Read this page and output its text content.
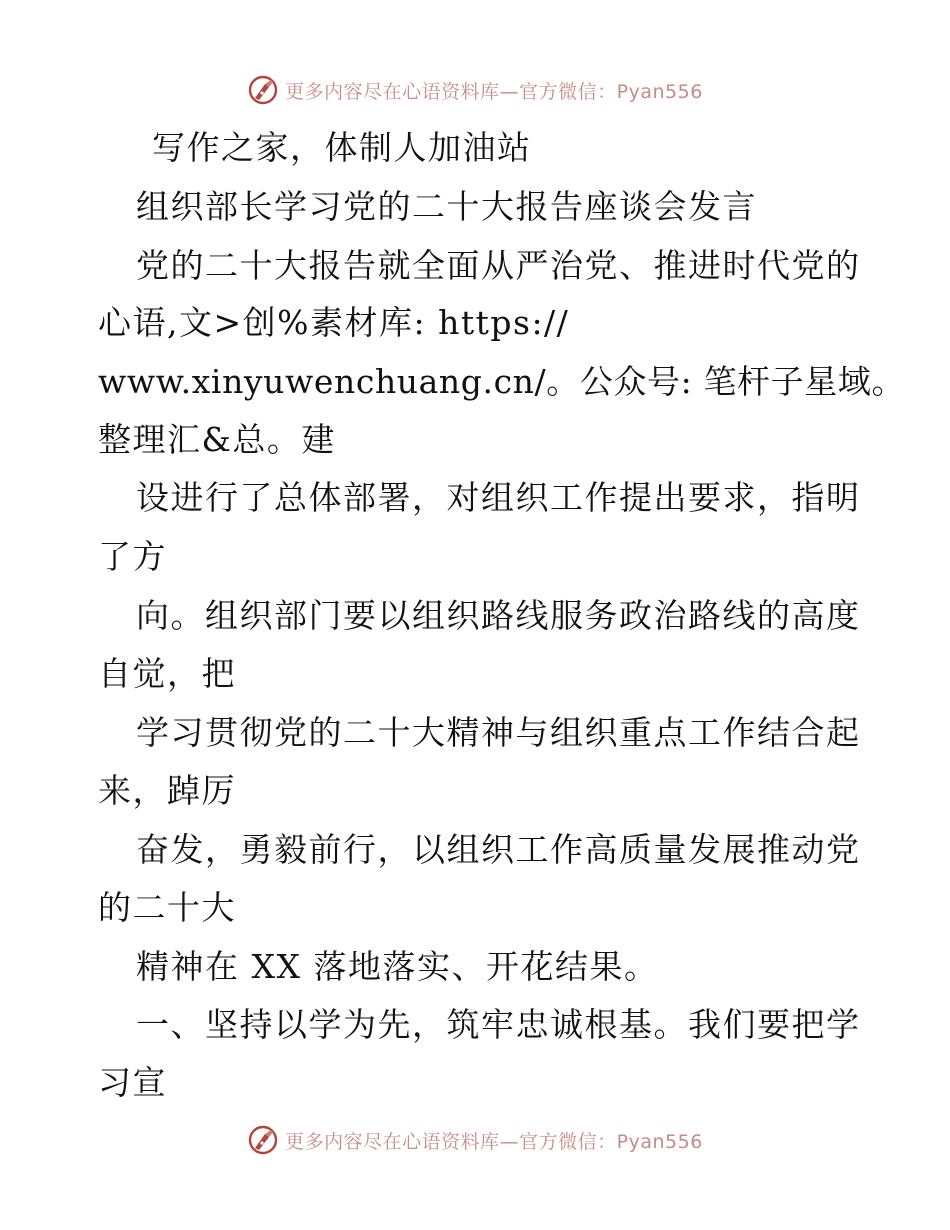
更多内容尽在心语资料库—官方微信：Pyan556
写作之家，体制人加油站
组织部长学习党的二十大报告座谈会发言
党的二十大报告就全面从严治党、推进时代党的
心语,文>创%素材库: https://
www.xinyuwenchuang.cn/。公众号: 笔杆子星域。
整理汇&总。建
设进行了总体部署，对组织工作提出要求，指明
了方
向。组织部门要以组织路线服务政治路线的高度
自觉，把
学习贯彻党的二十大精神与组织重点工作结合起
来，踔厉
奋发，勇毅前行，以组织工作高质量发展推动党
的二十大
精神在 XX 落地落实、开花结果。
一、坚持以学为先，筑牢忠诚根基。我们要把学
习宣
更多内容尽在心语资料库—官方微信：Pyan556
